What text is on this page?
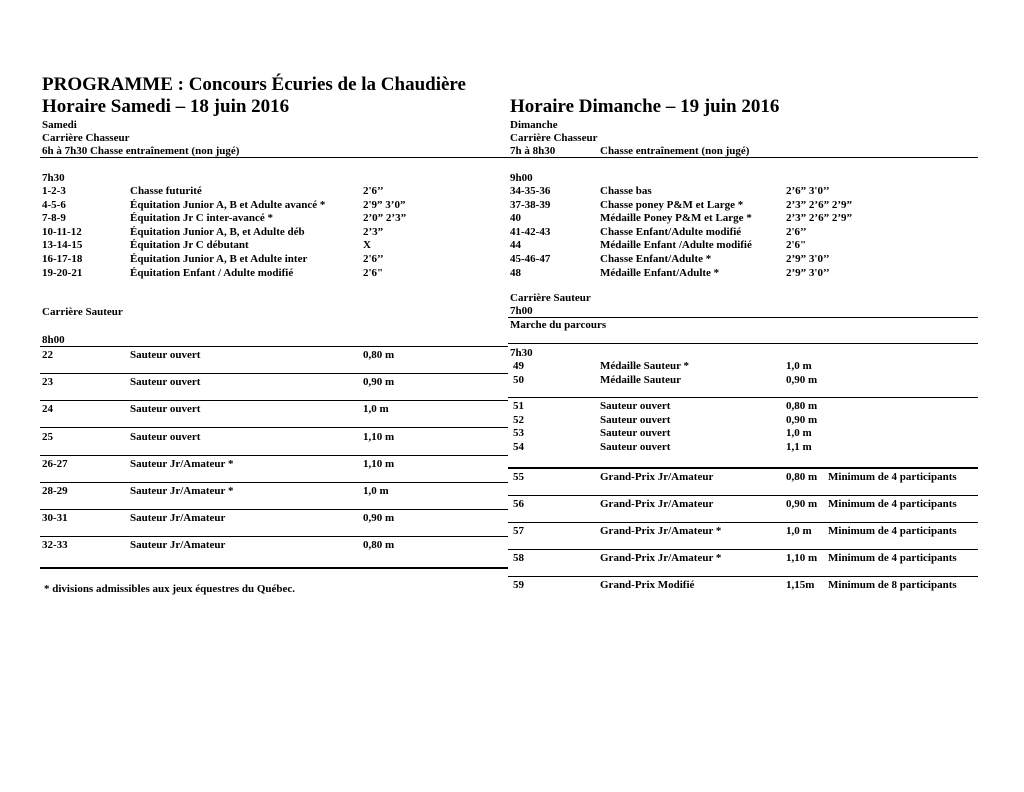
PROGRAMME : Concours Écuries de la Chaudière
Horaire Samedi – 18 juin 2016	Horaire Dimanche – 19 juin 2016
Samedi
Carrière Chasseur
6h à 7h30 Chasse entraînement (non jugé)
7h30
1-2-3	Chasse futurité	2'6’’
4-5-6	Équitation Junior A, B et Adulte avancé *	2'9” 3’0”
7-8-9	Équitation Jr C inter-avancé *	2’0” 2’3”
10-11-12	Équitation Junior A, B, et Adulte déb	2’3”
13-14-15	Équitation Jr C débutant	X
16-17-18	Équitation Junior A, B et Adulte inter	2'6’’
19-20-21	Équitation Enfant / Adulte modifié	2'6"
Carrière Sauteur
8h00
22	Sauteur ouvert	0,80 m
23	Sauteur ouvert	0,90 m
24	Sauteur ouvert	1,0 m
25	Sauteur ouvert	1,10 m
26-27	Sauteur Jr/Amateur *	1,10 m
28-29	Sauteur Jr/Amateur *	1,0 m
30-31	Sauteur Jr/Amateur	0,90 m
32-33	Sauteur Jr/Amateur	0,80 m
* divisions admissibles aux jeux équestres du Québec.
Dimanche
Carrière Chasseur
7h à 8h30	Chasse entraînement (non jugé)
9h00
34-35-36	Chasse bas	2’6” 3'0’’
37-38-39	Chasse poney P&M et Large *	2’3” 2’6” 2’9”
40	Médaille Poney P&M et Large *	2’3” 2’6” 2’9”
41-42-43	Chasse Enfant/Adulte modifié	2'6’’
44	Médaille Enfant /Adulte modifié	2'6"
45-46-47	Chasse Enfant/Adulte *	2’9” 3'0’’
48	Médaille Enfant/Adulte *	2’9” 3'0’’
Carrière Sauteur
7h00
Marche du parcours
7h30
49	Médaille Sauteur *	1,0 m
50	Médaille Sauteur	0,90 m
51	Sauteur ouvert	0,80 m
52	Sauteur ouvert	0,90 m
53	Sauteur ouvert	1,0 m
54	Sauteur ouvert	1,1 m
55	Grand-Prix Jr/Amateur	0,80 m Minimum de 4 participants
56	Grand-Prix Jr/Amateur	0,90 m Minimum de 4 participants
57	Grand-Prix Jr/Amateur *	1,0 m Minimum de 4 participants
58	Grand-Prix Jr/Amateur *	1,10 m Minimum de 4 participants
59	Grand-Prix Modifié	1,15m Minimum de 8 participants
